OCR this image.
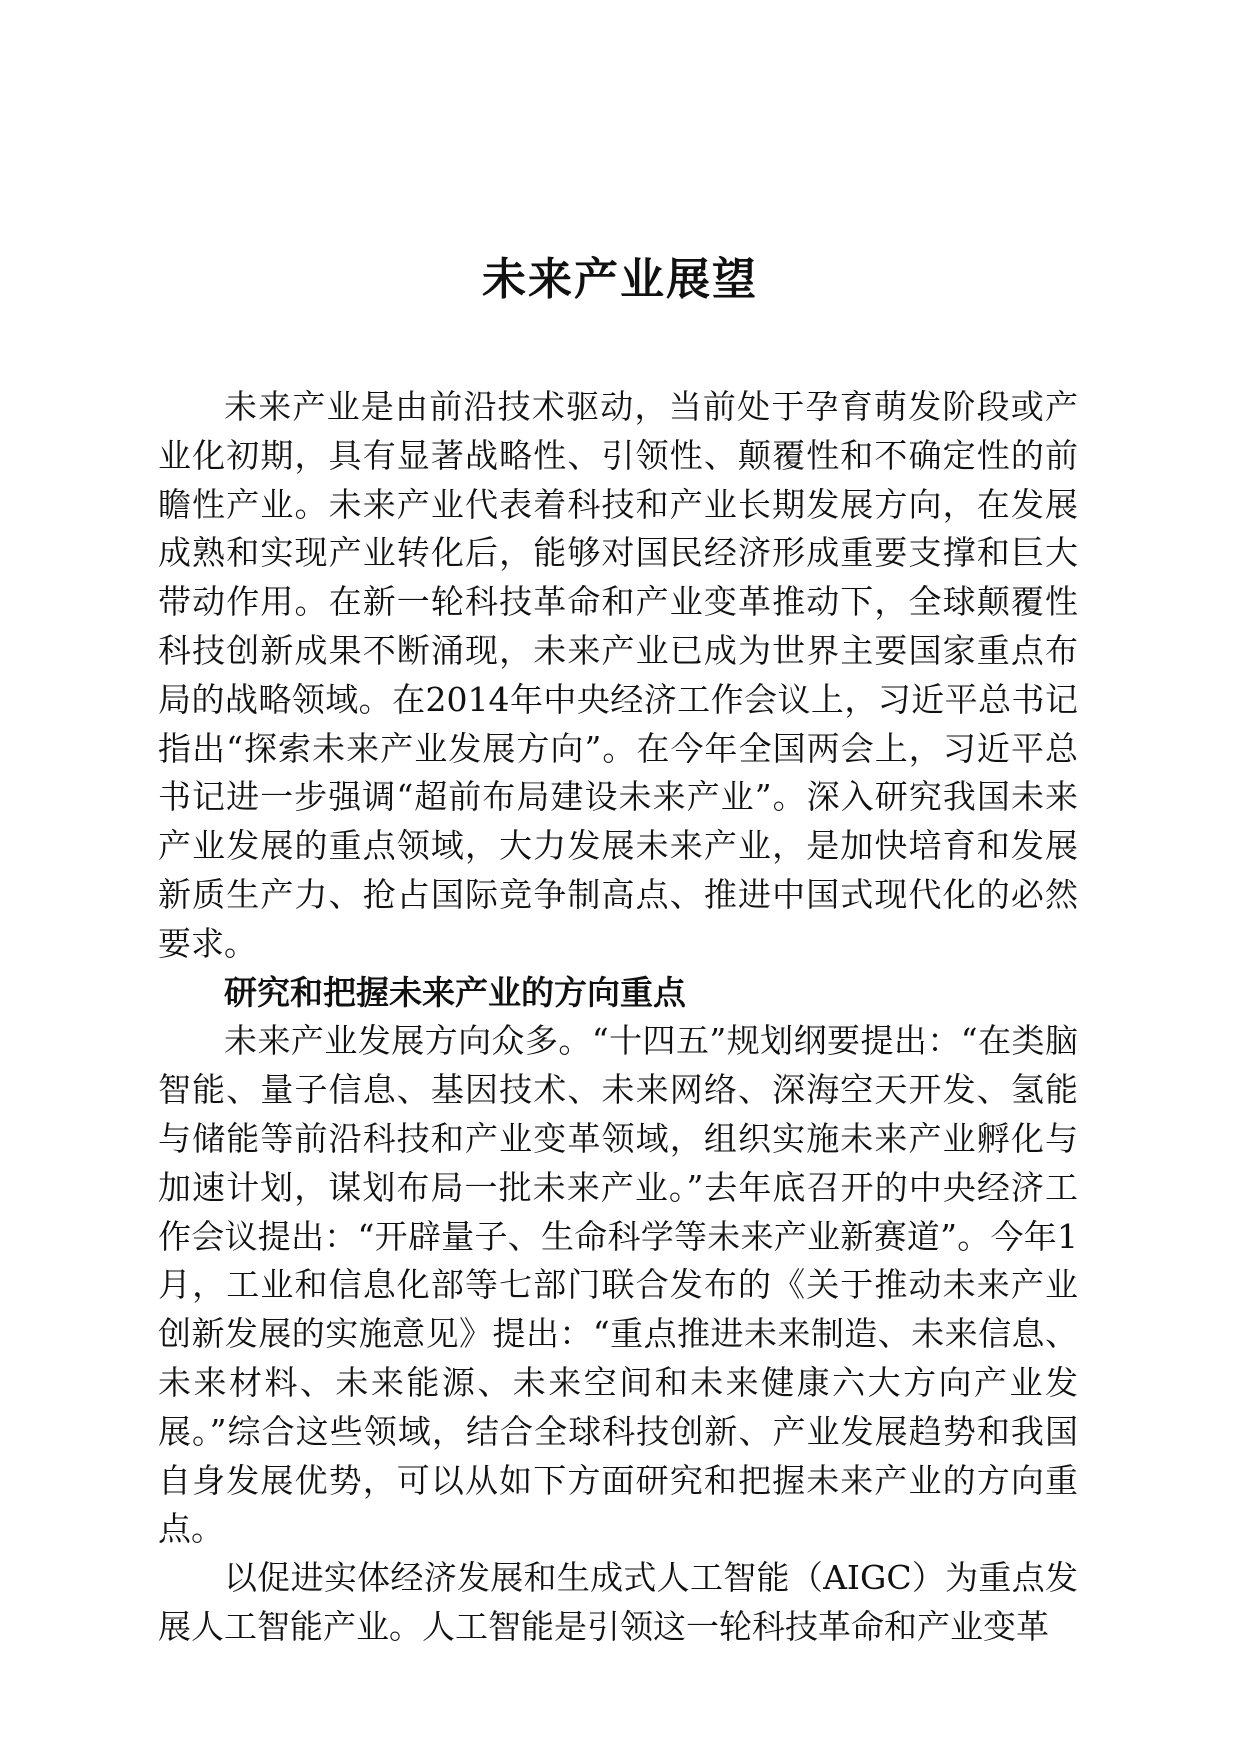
未来产业展望

未来产业是由前沿技术驱动，当前处于孕育萌发阶段或产业化初期，具有显著战略性、引领性、颠覆性和不确定性的前瞻性产业。未来产业代表着科技和产业长期发展方向，在发展成熟和实现产业转化后，能够对国民经济形成重要支撑和巨大带动作用。在新一轮科技革命和产业变革推动下，全球颠覆性科技创新成果不断涌现，未来产业已成为世界主要国家重点布局的战略领域。在2014年中央经济工作会议上，习近平总书记指出“探索未来产业发展方向”。在今年全国两会上，习近平总书记进一步强调“超前布局建设未来产业”。深入研究我国未来产业发展的重点领域，大力发展未来产业，是加快培育和发展新质生产力、抢占国际竞争制高点、推进中国式现代化的必然要求。

研究和把握未来产业的方向重点

未来产业发展方向众多。“十四五”规划纲要提出：“在类脑智能、量子信息、基因技术、未来网络、深海空天开发、氢能与储能等前沿科技和产业变革领域，组织实施未来产业孵化与加速计划，谋划布局一批未来产业。”去年底召开的中央经济工作会议提出：“开辟量子、生命科学等未来产业新赛道”。今年1月，工业和信息化部等七部门联合发布的《关于推动未来产业创新发展的实施意见》提出：“重点推进未来制造、未来信息、未来材料、未来能源、未来空间和未来健康六大方向产业发展。”综合这些领域，结合全球科技创新、产业发展趋势和我国自身发展优势，可以从如下方面研究和把握未来产业的方向重点。

以促进实体经济发展和生成式人工智能（AIGC）为重点发展人工智能产业。人工智能是引领这一轮科技革命和产业变革
